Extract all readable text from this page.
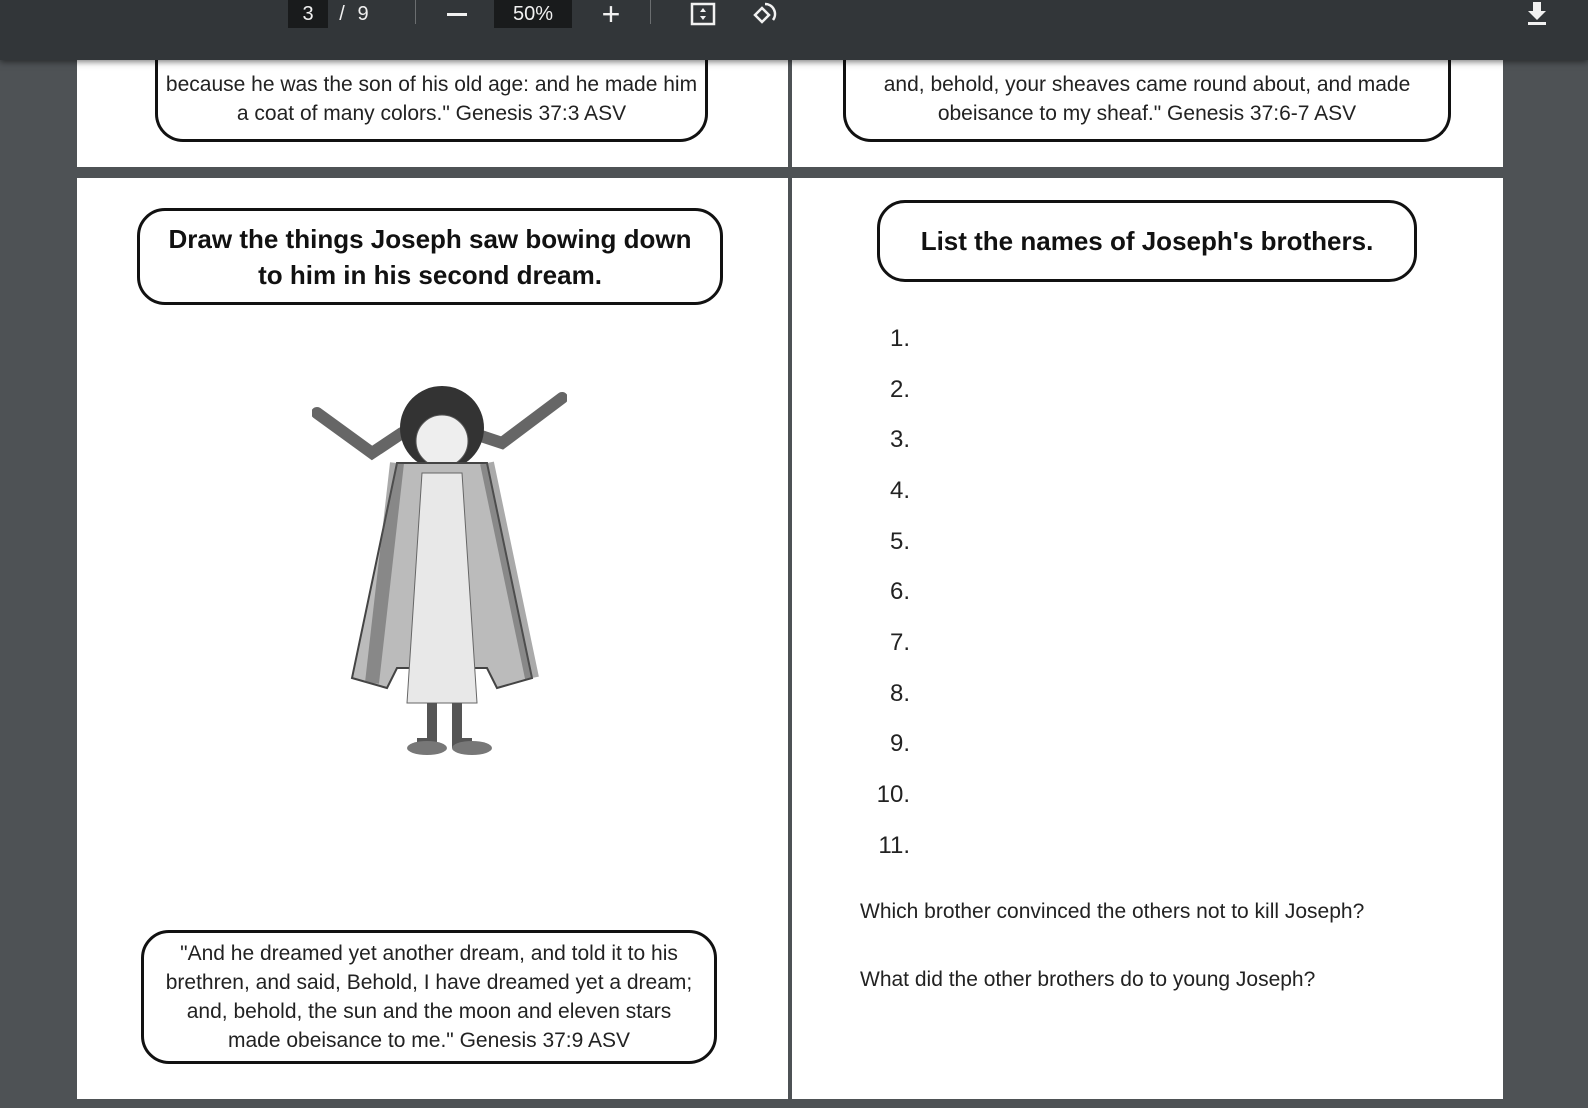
3 / 9	50% +
because he was the son of his old age: and he made him a coat of many colors." Genesis 37:3 ASV
and, behold, your sheaves came round about, and made obeisance to my sheaf." Genesis 37:6-7 ASV
Draw the things Joseph saw bowing down to him in his second dream.
"And he dreamed yet another dream, and told it to his brethren, and said, Behold, I have dreamed yet a dream; and, behold, the sun and the moon and eleven stars made obeisance to me." Genesis 37:9 ASV
List the names of Joseph's brothers.
1.
2.
3.
4.
5.
6.
7.
8.
9.
10.
11.
Which brother convinced the others not to kill Joseph?
What did the other brothers do to young Joseph?
